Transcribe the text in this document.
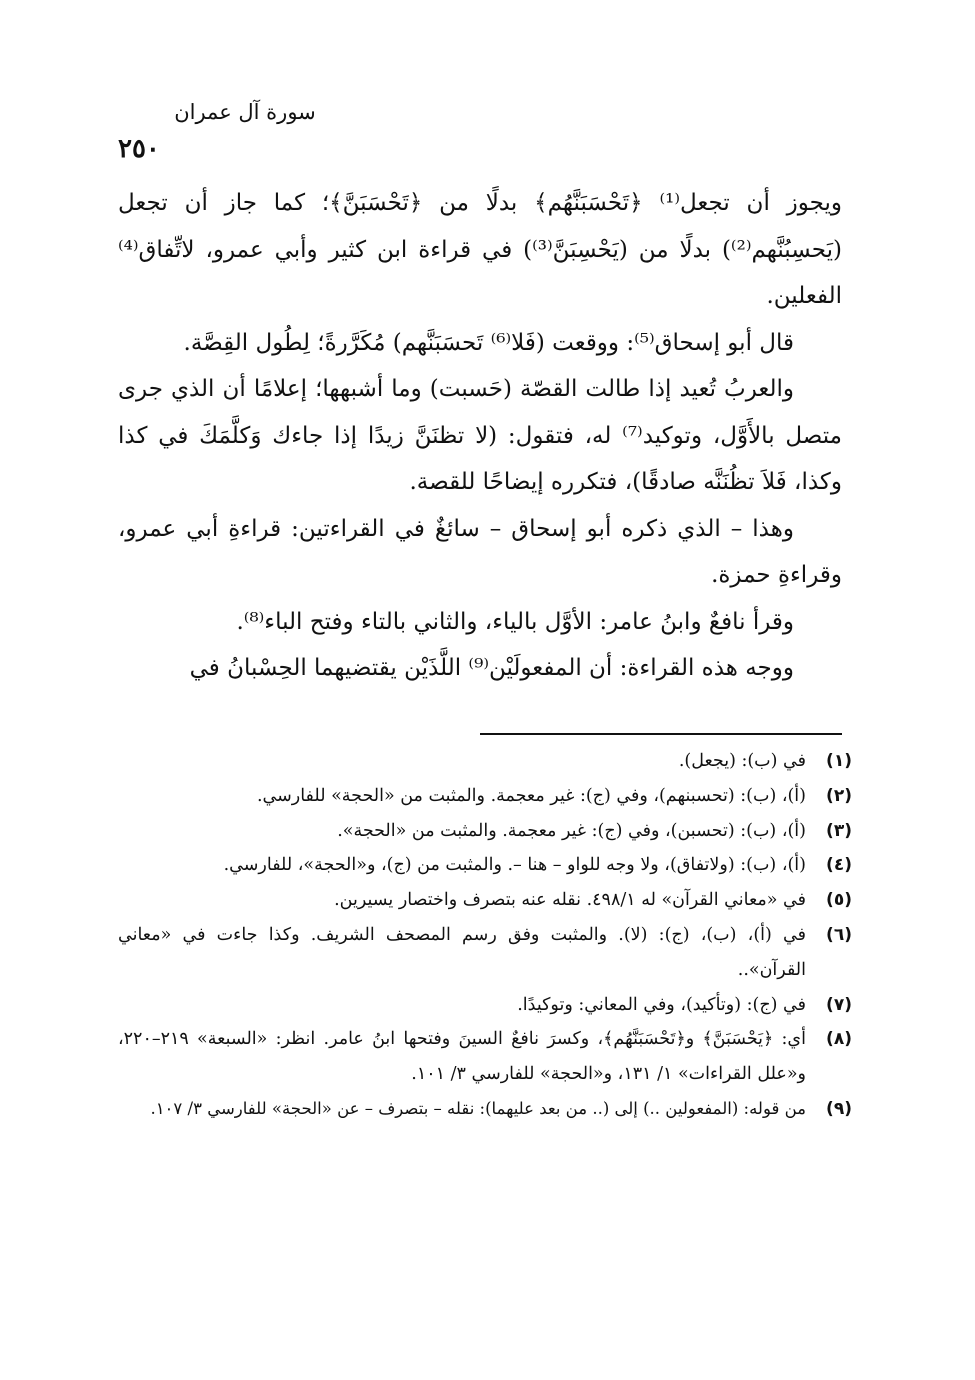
سورة آل عمران
٢٥٠

ويجوز أن تجعل⁽¹⁾ ﴿تَحْسَبَنَّهُم﴾ بدلًا من ﴿تَحْسَبَنَّ﴾؛ كما جاز أن تجعل (يَحسِبُنَّهم⁽²⁾) بدلًا من (يَحْسِبَنَّ⁽³⁾) في قراءة ابن كثير وأبي عمرو، لاتِّفاق⁽⁴⁾ الفعلين.

قال أبو إسحاق⁽⁵⁾: ووقعت (فَلا⁽⁶⁾ تَحسَبَنَّهم) مُكَرَّرةً؛ لِطُول القِصَّة.

والعربُ تُعيد إذا طالت القصّة (حَسبت) وما أشبهها؛ إعلامًا أن الذي جرى متصل بالأَوَّل، وتوكيد⁽⁷⁾ له، فتقول: (لا تظنَنَّ زيدًا إذا جاءك وَكلَّمَكَ في كذا وكذا، فَلاَ تظُنَنَّه صادقًا)، فتكرره إيضاحًا للقصة.

وهذا – الذي ذكره أبو إسحاق – سائغٌ في القراءتين: قراءةِ أبي عمرو، وقراءةِ حمزة.

وقرأ نافعٌ وابنُ عامر: الأوَّل بالياء، والثاني بالتاء وفتح الباء⁽⁸⁾.

ووجه هذه القراءة: أن المفعولَيْن⁽⁹⁾ اللَّذَيْن يقتضيهما الحِسْبانُ في

(١)
في (ب): (يجعل).
(٢)
(أ)، (ب): (تحسبنهم)، وفي (ج): غير معجمة. والمثبت من «الحجة» للفارسي.
(٣)
(أ)، (ب): (تحسبن)، وفي (ج): غير معجمة. والمثبت من «الحجة».
(٤)
(أ)، (ب): (ولاتفاق)، ولا وجه للواو – هنا –. والمثبت من (ج)، و«الحجة»، للفارسي.
(٥)
في «معاني القرآن» له ٤٩٨/١. نقله عنه بتصرف واختصار يسيرين.
(٦)
في (أ)، (ب)، (ج): (لا). والمثبت وفق رسم المصحف الشريف. وكذا جاءت في «معاني القرآن»..
(٧)
في (ج): (وتأكيد)، وفي المعاني: وتوكيدًا.
(٨)
أي: ﴿يَحْسَبَنَّ﴾ و﴿تَحْسَبَنَّهُم﴾، وكسرَ نافعٌ السينَ وفتحها ابنُ عامر. انظر: «السبعة» ٢١٩–٢٢٠، و«علل القراءات» ١/ ١٣١، و«الحجة» للفارسي ٣/ ١٠١.
(٩)
من قوله: (المفعولين ..) إلى (.. من بعد عليهما): نقله – بتصرف – عن «الحجة» للفارسي ٣/ ١٠٧.
